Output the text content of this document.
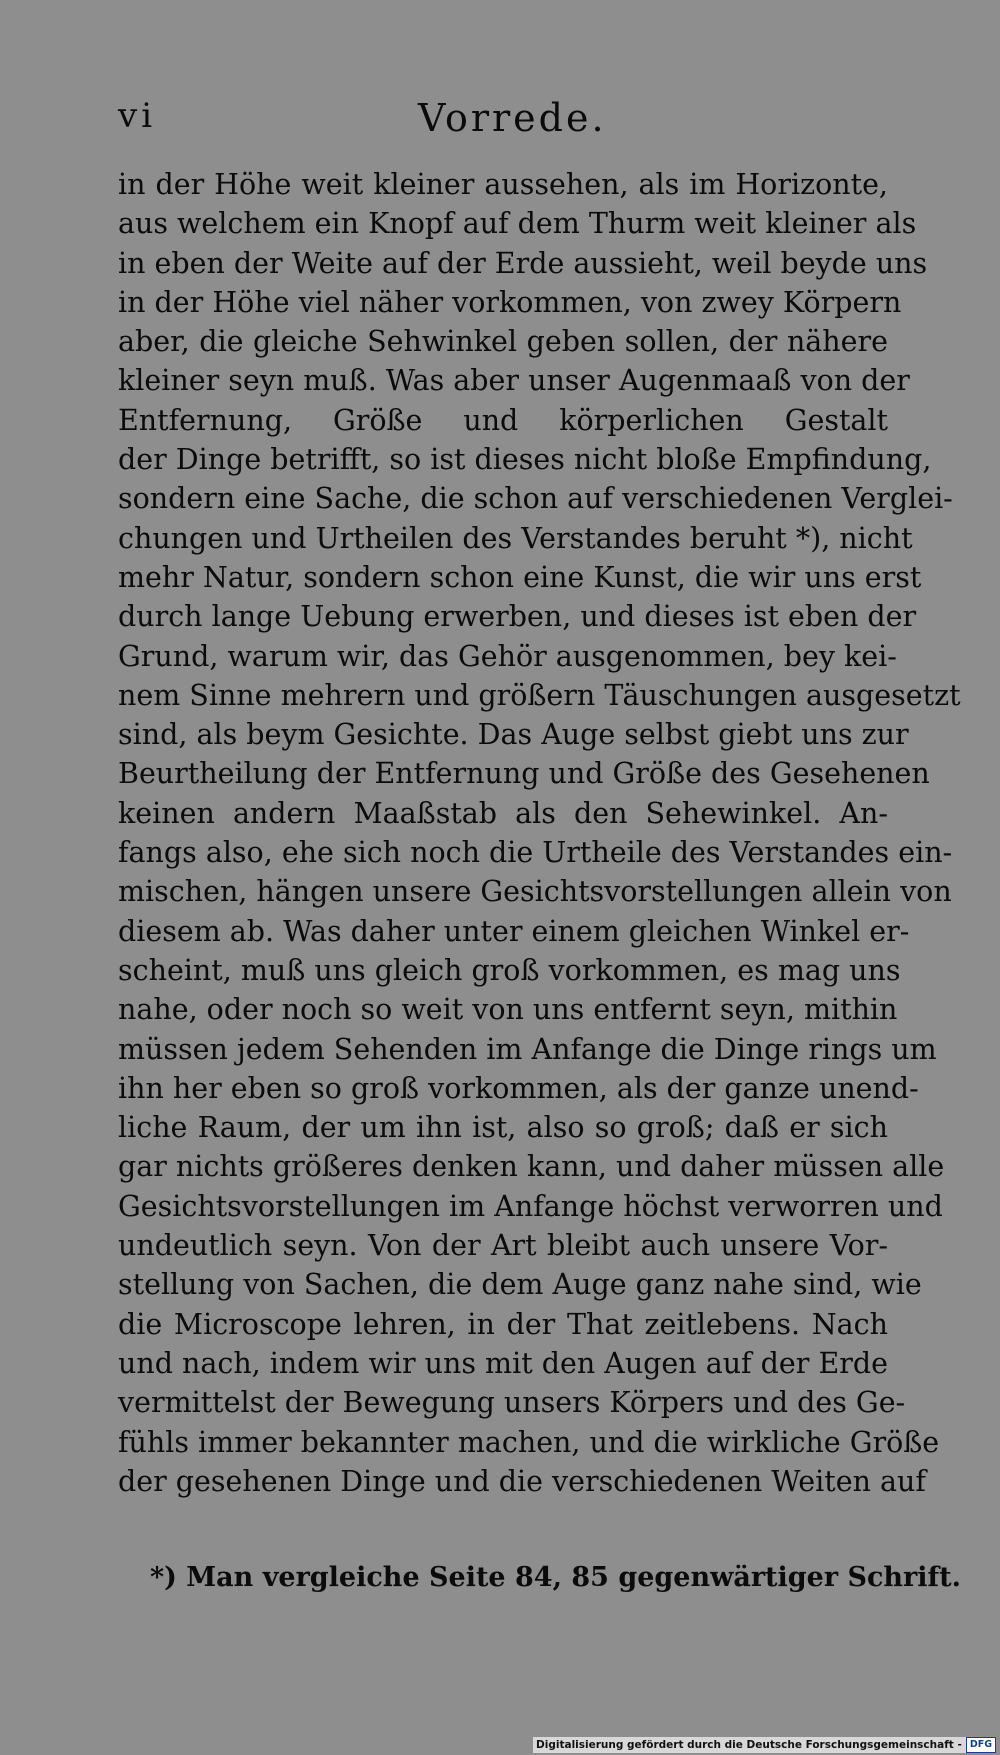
vi	Vorrede.
in der Höhe weit kleiner aussehen, als im Horizonte,
aus welchem ein Knopf auf dem Thurm weit kleiner als
in eben der Weite auf der Erde aussieht, weil beyde uns
in der Höhe viel näher vorkommen, von zwey Körpern
aber, die gleiche Sehwinkel geben sollen, der nähere
kleiner seyn muß. Was aber unser Augenmaaß von der
Entfernung, Größe und körperlichen Gestalt
der Dinge betrifft, so ist dieses nicht bloße Empfindung,
sondern eine Sache, die schon auf verschiedenen Verglei-
chungen und Urtheilen des Verstandes beruht *), nicht
mehr Natur, sondern schon eine Kunst, die wir uns erst
durch lange Uebung erwerben, und dieses ist eben der
Grund, warum wir, das Gehör ausgenommen, bey kei-
nem Sinne mehrern und größern Täuschungen ausgesetzt
sind, als beym Gesichte. Das Auge selbst giebt uns zur
Beurtheilung der Entfernung und Größe des Gesehenen
keinen andern Maaßstab als den Sehewinkel. An-
fangs also, ehe sich noch die Urtheile des Verstandes ein-
mischen, hängen unsere Gesichtsvorstellungen allein von
diesem ab. Was daher unter einem gleichen Winkel er-
scheint, muß uns gleich groß vorkommen, es mag uns
nahe, oder noch so weit von uns entfernt seyn, mithin
müssen jedem Sehenden im Anfange die Dinge rings um
ihn her eben so groß vorkommen, als der ganze unend-
liche Raum, der um ihn ist, also so groß; daß er sich
gar nichts größeres denken kann, und daher müssen alle
Gesichtsvorstellungen im Anfange höchst verworren und
undeutlich seyn. Von der Art bleibt auch unsere Vor-
stellung von Sachen, die dem Auge ganz nahe sind, wie
die Microscope lehren, in der That zeitlebens. Nach
und nach, indem wir uns mit den Augen auf der Erde
vermittelst der Bewegung unsers Körpers und des Ge-
fühls immer bekannter machen, und die wirkliche Größe
der gesehenen Dinge und die verschiedenen Weiten auf
*) Man vergleiche Seite 84, 85 gegenwärtiger Schrift.
Digitalisierung gefördert durch die Deutsche Forschungsgemeinschaft - DFG
